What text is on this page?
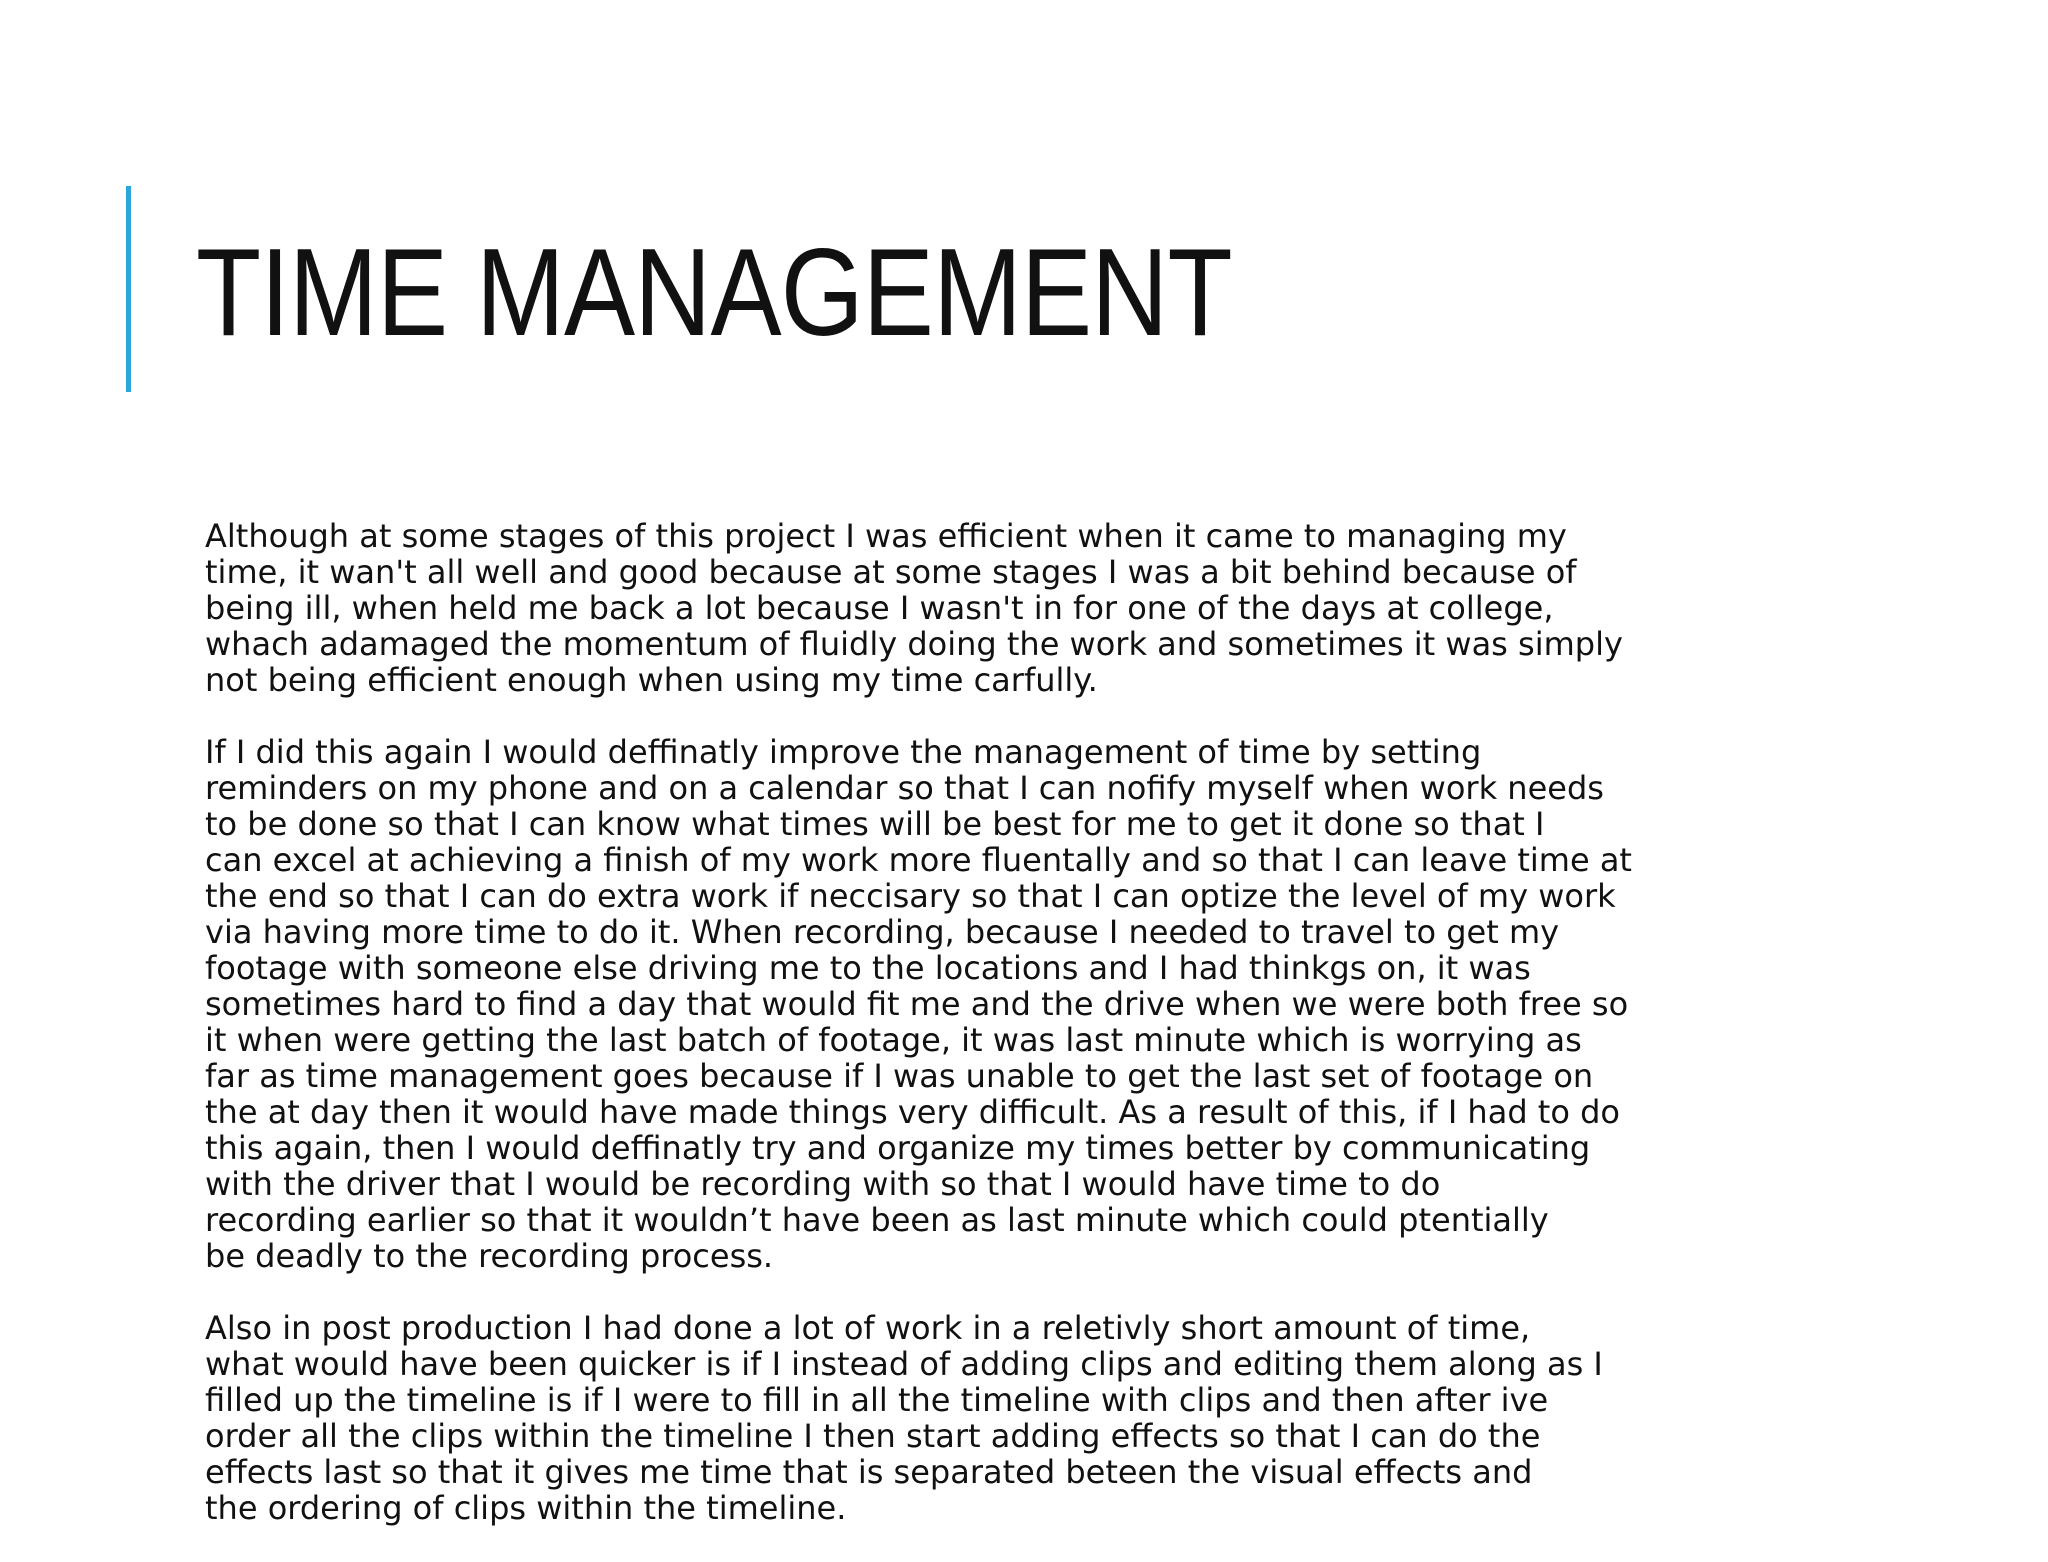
TIME MANAGEMENT

Although at some stages of this project I was efficient when it came to managing my
time, it wan't all well and good because at some stages I was a bit behind because of
being ill, when held me back a lot because I wasn't in for one of the days at college,
whach adamaged the momentum of fluidly doing the work and sometimes it was simply
not being efficient enough when using my time carfully.

If I did this again I would deffinatly improve the management of time by setting
reminders on my phone and on a calendar so that I can nofify myself when work needs
to be done so that I can know what times will be best for me to get it done so that I
can excel at achieving a finish of my work more fluentally and so that I can leave time at
the end so that I can do extra work if neccisary so that I can optize the level of my work
via having more time to do it. When recording, because I needed to travel to get my
footage with someone else driving me to the locations and I had thinkgs on, it was
sometimes hard to find a day that would fit me and the drive when we were both free so
it when were getting the last batch of footage, it was last minute which is worrying as
far as time management goes because if I was unable to get the last set of footage on
the at day then it would have made things very difficult. As a result of this, if I had to do
this again, then I would deffinatly try and organize my times better by communicating
with the driver that I would be recording with so that I would have time to do
recording earlier so that it wouldn’t have been as last minute which could ptentially
be deadly to the recording process.

Also in post production I had done a lot of work in a reletivly short amount of time,
what would have been quicker is if I instead of adding clips and editing them along as I
filled up the timeline is if I were to fill in all the timeline with clips and then after ive
order all the clips within the timeline I then start adding effects so that I can do the
effects last so that it gives me time that is separated beteen the visual effects and
the ordering of clips within the timeline.
